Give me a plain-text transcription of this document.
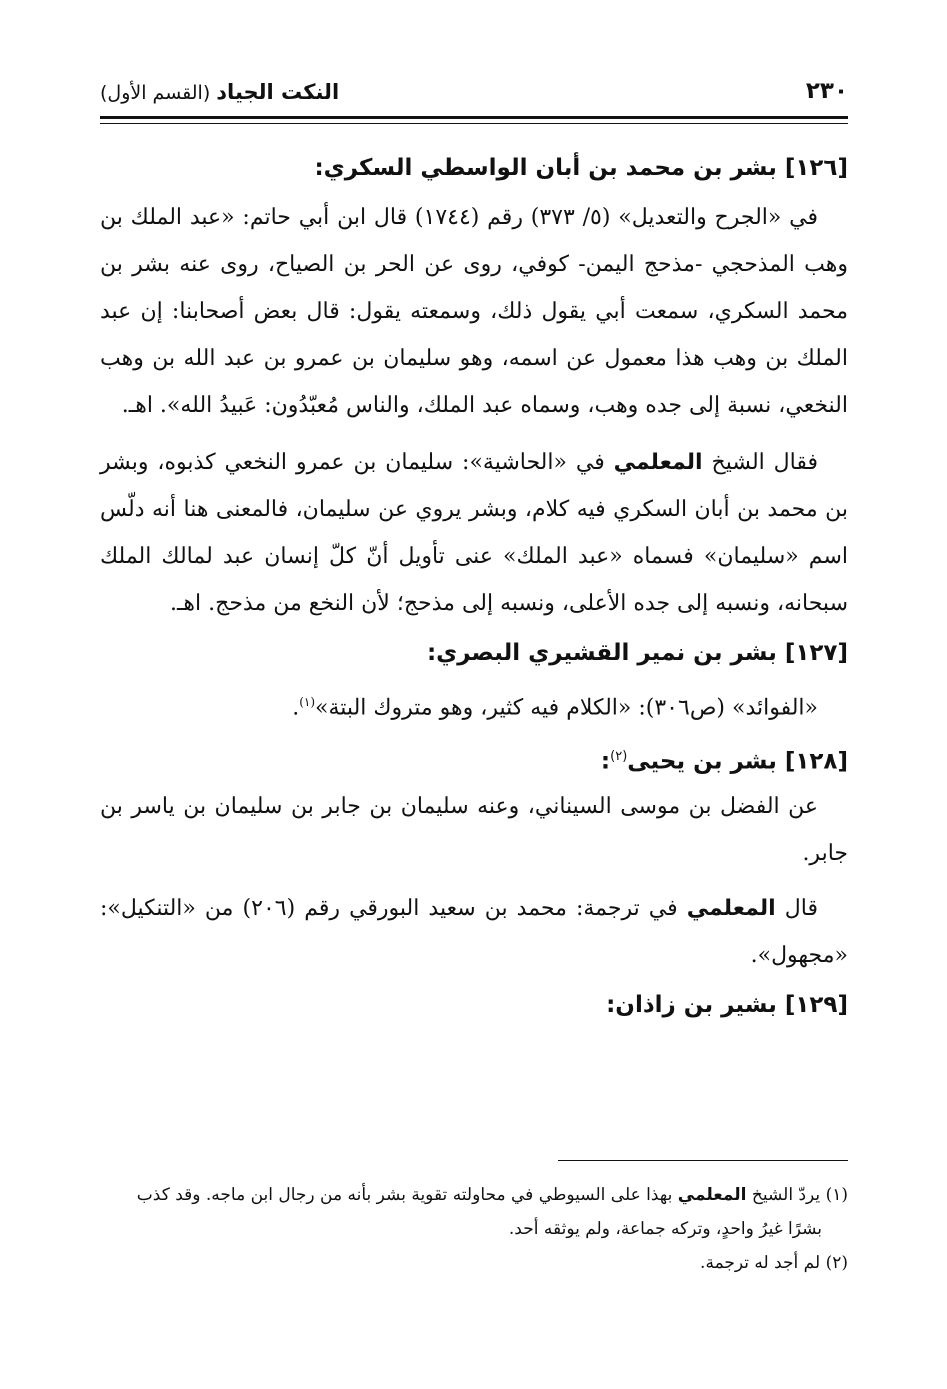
٢٣٠
النكت الجياد (القسم الأول)
[١٢٦] بشر بن محمد بن أبان الواسطي السكري:

في «الجرح والتعديل» (٥/ ٣٧٣) رقم (١٧٤٤) قال ابن أبي حاتم: «عبد الملك بن وهب المذحجي -مذحج اليمن- كوفي، روى عن الحر بن الصياح، روى عنه بشر بن محمد السكري، سمعت أبي يقول ذلك، وسمعته يقول: قال بعض أصحابنا: إن عبد الملك بن وهب هذا معمول عن اسمه، وهو سليمان بن عمرو بن عبد الله بن وهب النخعي، نسبة إلى جده وهب، وسماه عبد الملك، والناس مُعبّدُون: عَبيدُ الله». اهـ.

فقال الشيخ المعلمي في «الحاشية»: سليمان بن عمرو النخعي كذبوه، وبشر بن محمد بن أبان السكري فيه كلام، وبشر يروي عن سليمان، فالمعنى هنا أنه دلّس اسم «سليمان» فسماه «عبد الملك» عنى تأويل أنّ كلّ إنسان عبد لمالك الملك سبحانه، ونسبه إلى جده الأعلى، ونسبه إلى مذحج؛ لأن النخع من مذحج. اهـ.

[١٢٧] بشر بن نمير القشيري البصري:

«الفوائد» (ص٣٠٦): «الكلام فيه كثير، وهو متروك البتة»$^{(١)}$.

[١٢٨] بشر بن يحيى$^{(٢)}$:

عن الفضل بن موسى السيناني، وعنه سليمان بن جابر بن سليمان بن ياسر بن جابر.

قال المعلمي في ترجمة: محمد بن سعيد البورقي رقم (٢٠٦) من «التنكيل»: «مجهول».

[١٢٩] بشير بن زاذان:

(١) يردّ الشيخ المعلمي بهذا على السيوطي في محاولته تقوية بشر بأنه من رجال ابن ماجه. وقد كذب

بشرًا غيرُ واحدٍ، وتركه جماعة، ولم يوثقه أحد.

(٢) لم أجد له ترجمة.
